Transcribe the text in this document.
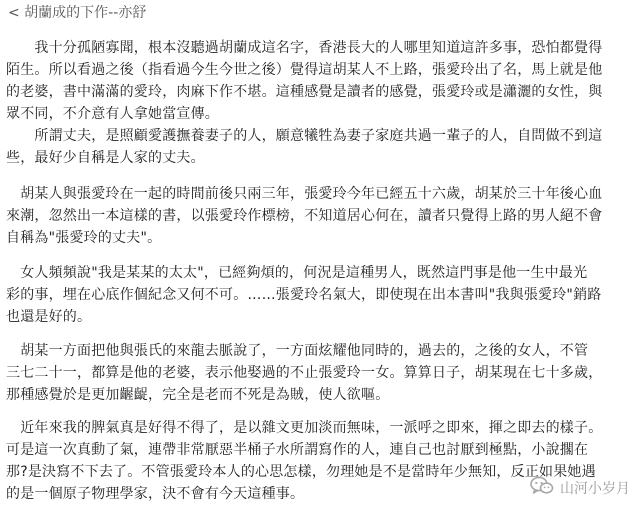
< 胡蘭成的下作--亦舒
　　我十分孤陋寡聞，根本沒聽過胡蘭成這名字，香港長大的人哪里知道這許多事，恐怕都覺得
陌生。所以看過之後（指看過今生今世之後）覺得這胡某人不上路，張愛玲出了名，馬上就是他
的老婆，書中滿滿的愛玲，肉麻下作不堪。這種感覺是讀者的感覺，張愛玲或是瀟灑的女性，與
眾不同，不介意有人拿她當宣傳。
　　所謂丈夫，是照顧愛護撫養妻子的人，願意犧牲為妻子家庭共過一輩子的人，自問做不到這
些，最好少自稱是人家的丈夫。
　胡某人與張愛玲在一起的時間前後只兩三年，張愛玲今年已經五十六歲，胡某於三十年後心血
來潮，忽然出一本這樣的書，以張愛玲作標榜，不知道居心何在，讀者只覺得上路的男人絕不會
自稱為"張愛玲的丈夫"。
　女人頻頻說"我是某某的太太"，已經夠煩的，何況是這種男人，既然這門事是他一生中最光
彩的事，埋在心底作個紀念又何不可。……張愛玲名氣大，即使現在出本書叫"我與張愛玲"銷路
也還是好的。
　胡某一方面把他與張氏的來龍去脈說了，一方面炫耀他同時的，過去的，之後的女人，不管
三七二十一，都算是他的老婆，表示他娶過的不止張愛玲一女。算算日子，胡某現在七十多歲，
那種感覺於是更加齷齪，完全是老而不死是為賊，使人欲嘔。
　近年來我的脾氣真是好得不得了，是以雜文更加淡而無味，一派呼之即來，揮之即去的樣子。
可是這一次真動了氣，連帶非常厭惡半桶子水所謂寫作的人，連自己也討厭到極點，小說擱在
那?是決寫不下去了。不管張愛玲本人的心思怎樣，勿理她是不是當時年少無知，反正如果她遇
的是一個原子物理學家，決不會有今天這種事。	山河小岁月
